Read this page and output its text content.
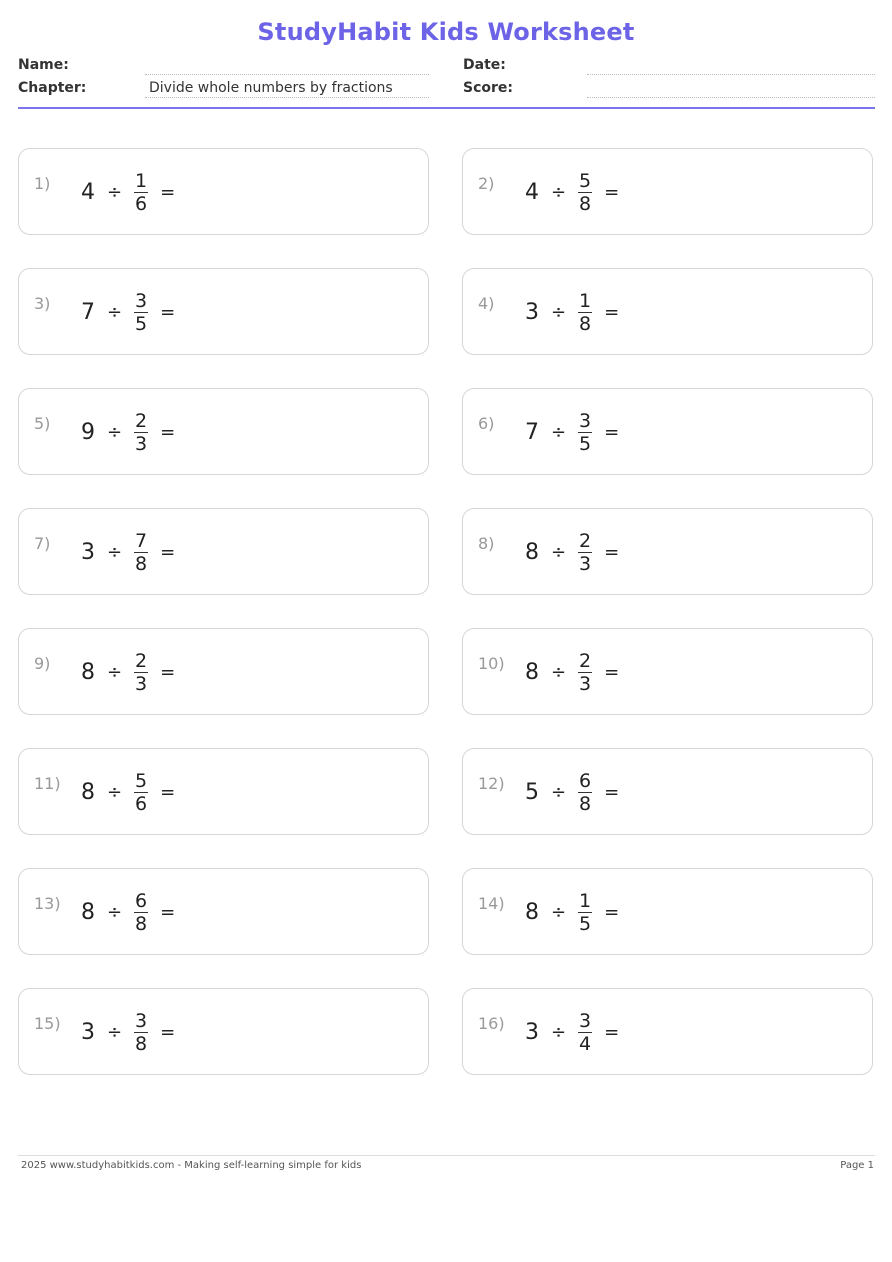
StudyHabit Kids Worksheet
Name:	Date:
Chapter:	Divide whole numbers by fractions	Score:
1) $4 \div \frac{1}{6}$ =	2) $4 \div \frac{5}{8}$ =
3) $7 \div \frac{3}{5}$ =	4) $3 \div \frac{1}{8}$ =
5) $9 \div \frac{2}{3}$ =	6) $7 \div \frac{3}{5}$ =
7) $3 \div \frac{7}{8}$ =	8) $8 \div \frac{2}{3}$ =
9) $8 \div \frac{2}{3}$ =	10) $8 \div \frac{2}{3}$ =
11) $8 \div \frac{5}{6}$ =	12) $5 \div \frac{6}{8}$ =
13) $8 \div \frac{6}{8}$ =	14) $8 \div \frac{1}{5}$ =
15) $3 \div \frac{3}{8}$ =	16) $3 \div \frac{3}{4}$ =
2025 www.studyhabitkids.com - Making self-learning simple for kids	Page 1
